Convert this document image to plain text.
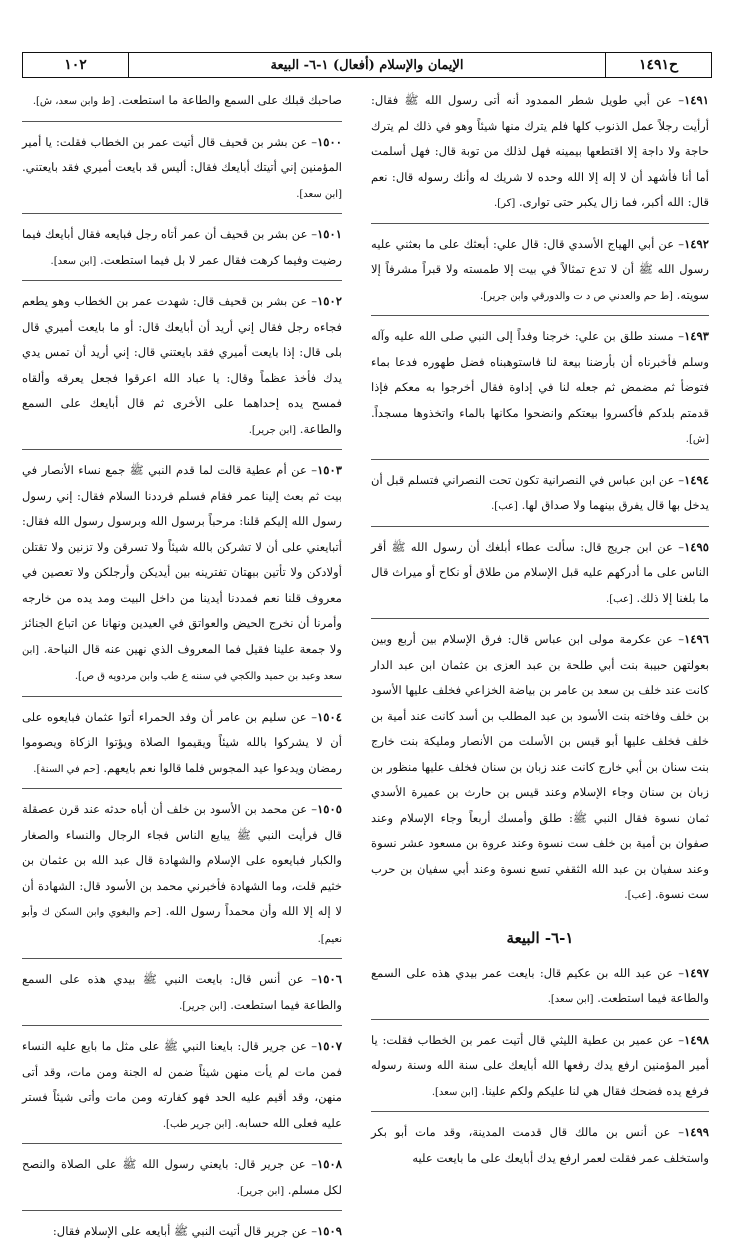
ح١٤٩١
الإيمان والإسلام (أفعال) ١-٦- البيعة
١٠٢

١٤٩١– عن أبي طويل شطر الممدود أنه أتى رسول الله ﷺ فقال: أرأيت رجلاً عمل الذنوب كلها فلم يترك منها شيئاً وهو في ذلك لم يترك حاجة ولا داجة إلا اقتطعها بيمينه فهل لذلك من توبة قال: فهل أسلمت أما أنا فأشهد أن لا إله إلا الله وحده لا شريك له وأنك رسوله قال: نعم قال: الله أكبر، فما زال يكبر حتى توارى. [كر].

١٤٩٢– عن أبي الهياج الأسدي قال: قال علي: أبعثك على ما بعثني عليه رسول الله ﷺ أن لا تدع تمثالاً في بيت إلا طمسته ولا قبراً مشرفاً إلا سويته. [ط حم والعدني ص د ت والدورقي وابن جرير].

١٤٩٣– مسند طلق بن علي: خرجنا وفداً إلى النبي صلى الله عليه وآله وسلم فأخبرناه أن بأرضنا بيعة لنا فاستوهبناه فضل طهوره فدعا بماء فتوضأ ثم مضمض ثم جعله لنا في إداوة فقال أخرجوا به معكم فإذا قدمتم بلدكم فأكسروا بيعتكم وانضحوا مكانها بالماء واتخذوها مسجداً. [ش].

١٤٩٤– عن ابن عباس في النصرانية تكون تحت النصراني فتسلم قبل أن يدخل بها قال يفرق بينهما ولا صداق لها. [عب].

١٤٩٥– عن ابن جريج قال: سألت عطاء أبلغك أن رسول الله ﷺ أقر الناس على ما أدركهم عليه قبل الإسلام من طلاق أو نكاح أو ميراث قال ما بلغنا إلا ذلك. [عب].

١٤٩٦– عن عكرمة مولى ابن عباس قال: فرق الإسلام بين أربع وبين بعولتهن حبيبة بنت أبي طلحة بن عبد العزى بن عثمان ابن عبد الدار كانت عند خلف بن سعد بن عامر بن بياضة الخزاعي فخلف عليها الأسود بن خلف وفاخته بنت الأسود بن عبد المطلب بن أسد كانت عند أمية بن خلف فخلف عليها أبو قيس بن الأسلت من الأنصار ومليكة بنت خارج بنت سنان بن أبي خارج كانت عند زبان بن سنان فخلف عليها منظور بن زبان بن سنان وجاء الإسلام وعند قيس بن حارث بن عميرة الأسدي ثمان نسوة فقال النبي ﷺ: طلق وأمسك أربعاً وجاء الإسلام وعند صفوان بن أمية بن خلف ست نسوة وعند عروة بن مسعود عشر نسوة وعند سفيان بن عبد الله الثقفي تسع نسوة وعند أبي سفيان بن حرب ست نسوة. [عب].

١-٦- البيعة

١٤٩٧– عن عبد الله بن عكيم قال: بايعت عمر بيدي هذه على السمع والطاعة فيما استطعت. [ابن سعد].

١٤٩٨– عن عمير بن عطية الليثي قال أتيت عمر بن الخطاب فقلت: يا أمير المؤمنين ارفع يدك رفعها الله أبايعك على سنة الله وسنة رسوله فرفع يده فضحك فقال هي لنا عليكم ولكم علينا. [ابن سعد].

١٤٩٩– عن أنس بن مالك قال قدمت المدينة، وقد مات أبو بكر واستخلف عمر فقلت لعمر ارفع يدك أبايعك على ما بايعت عليه

صاحبك قبلك على السمع والطاعة ما استطعت. [ط وابن سعد، ش].

١٥٠٠– عن بشر بن قحيف قال أتيت عمر بن الخطاب فقلت: يا أمير المؤمنين إني أتيتك أبايعك فقال: أليس قد بايعت أميري فقد بايعتني. [ابن سعد].

١٥٠١– عن بشر بن قحيف أن عمر أتاه رجل فبايعه فقال أبايعك فيما رضيت وفيما كرهت فقال عمر لا بل فيما استطعت. [ابن سعد].

١٥٠٢– عن بشر بن قحيف قال: شهدت عمر بن الخطاب وهو يطعم فجاءه رجل فقال إني أريد أن أبايعك قال: أو ما بايعت أميري قال بلى قال: إذا بايعت أميري فقد بايعتني قال: إني أريد أن تمس يدي يدك فأخذ عظماً وقال: يا عباد الله اعرقوا فجعل يعرقه وألقاه فمسح يده إحداهما على الأخرى ثم قال أبايعك على السمع والطاعة. [ابن جرير].

١٥٠٣– عن أم عطية قالت لما قدم النبي ﷺ جمع نساء الأنصار في بيت ثم بعث إلينا عمر فقام فسلم فرددنا السلام فقال: إني رسول رسول الله إليكم قلنا: مرحباً برسول الله وبرسول رسول الله فقال: أتبايعني على أن لا تشركن بالله شيئاً ولا تسرقن ولا تزنين ولا تقتلن أولادكن ولا تأتين ببهتان تفترينه بين أيديكن وأرجلكن ولا تعصين في معروف قلنا نعم فمددنا أيدينا من داخل البيت ومد يده من خارجه وأمرنا أن نخرج الحيض والعواتق في العيدين ونهانا عن اتباع الجنائز ولا جمعة علينا فقيل فما المعروف الذي نهين عنه قال النياحة. [ابن سعد وعبد بن حميد والكجي في سننه ع طب وابن مردويه ق ص].

١٥٠٤– عن سليم بن عامر أن وفد الحمراء أتوا عثمان فبايعوه على أن لا يشركوا بالله شيئاً ويقيموا الصلاة ويؤتوا الزكاة ويصوموا رمضان ويدعوا عيد المجوس فلما قالوا نعم بايعهم. [حم في السنة].

١٥٠٥– عن محمد بن الأسود بن خلف أن أباه حدثه عند قرن عصقلة قال فرأيت النبي ﷺ يبايع الناس فجاء الرجال والنساء والصغار والكبار فبايعوه على الإسلام والشهادة قال عبد الله بن عثمان بن خثيم قلت، وما الشهادة فأخبرني محمد بن الأسود قال: الشهادة أن لا إله إلا الله وأن محمداً رسول الله. [حم والبغوي وابن السكن ك وأبو نعيم].

١٥٠٦– عن أنس قال: بايعت النبي ﷺ بيدي هذه على السمع والطاعة فيما استطعت. [ابن جرير].

١٥٠٧– عن جرير قال: بايعنا النبي ﷺ على مثل ما بايع عليه النساء فمن مات لم يأت منهن شيئاً ضمن له الجنة ومن مات، وقد أتى منهن، وقد أقيم عليه الحد فهو كفارته ومن مات وأتى شيئاً فستر عليه فعلى الله حسابه. [ابن جرير طب].

١٥٠٨– عن جرير قال: بايعني رسول الله ﷺ على الصلاة والنصح لكل مسلم. [ابن جرير].

١٥٠٩– عن جرير قال أتيت النبي ﷺ أبايعه على الإسلام فقال:
